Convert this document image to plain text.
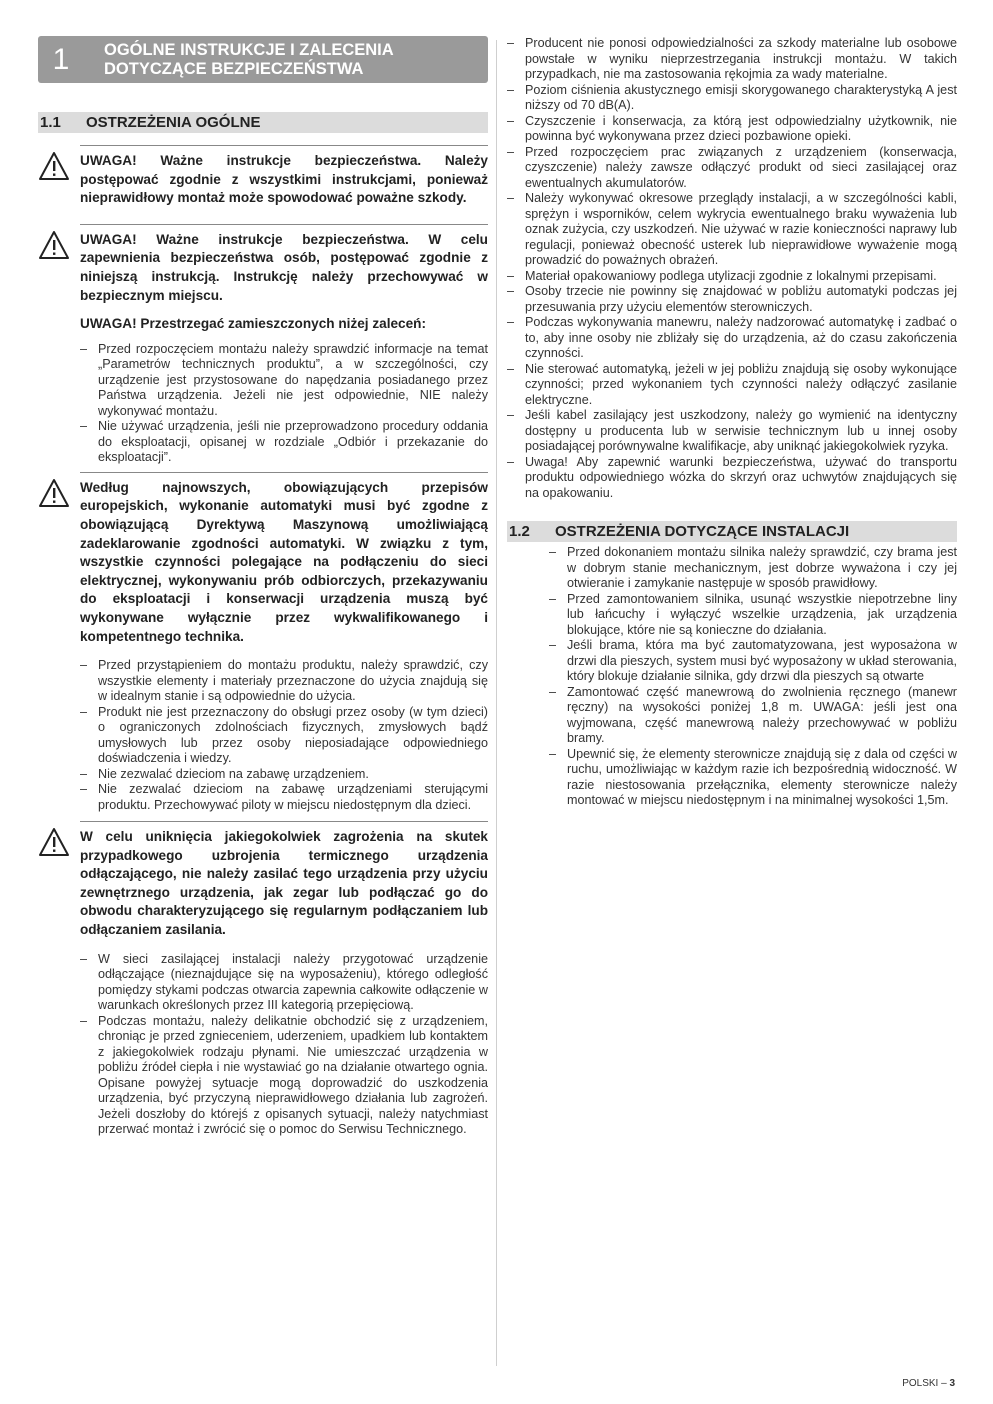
1	OGÓLNE INSTRUKCJE I ZALECENIA DOTYCZĄCE BEZPIECZEŃSTWA
1.1	OSTRZEŻENIA OGÓLNE

UWAGA! Ważne instrukcje bezpieczeństwa. Należy postępować zgodnie z wszystkimi instrukcjami, ponieważ nieprawidłowy montaż może spowodować poważne szkody.

UWAGA! Ważne instrukcje bezpieczeństwa. W celu zapewnienia bezpieczeństwa osób, postępować zgodnie z niniejszą instrukcją. Instrukcję należy przechowywać w bezpiecznym miejscu.

UWAGA! Przestrzegać zamieszczonych niżej zaleceń:

– Przed rozpoczęciem montażu należy sprawdzić informacje na temat „Parametrów technicznych produktu”, a w szczególności, czy urządzenie jest przystosowane do napędzania posiadanego przez Państwa urządzenia. Jeżeli nie jest odpowiednie, NIE należy wykonywać montażu.
– Nie używać urządzenia, jeśli nie przeprowadzono procedury oddania do eksploatacji, opisanej w rozdziale „Odbiór i przekazanie do eksploatacji”.

Według najnowszych, obowiązujących przepisów europejskich, wykonanie automatyki musi być zgodne z obowiązującą Dyrektywą Maszynową umożliwiającą zadeklarowanie zgodności automatyki. W związku z tym, wszystkie czynności polegające na podłączeniu do sieci elektrycznej, wykonywaniu prób odbiorczych, przekazywaniu do eksploatacji i konserwacji urządzenia muszą być wykonywane wyłącznie przez wykwalifikowanego i kompetentnego technika.

– Przed przystąpieniem do montażu produktu, należy sprawdzić, czy wszystkie elementy i materiały przeznaczone do użycia znajdują się w idealnym stanie i są odpowiednie do użycia.
– Produkt nie jest przeznaczony do obsługi przez osoby (w tym dzieci) o ograniczonych zdolnościach fizycznych, zmysłowych bądź umysłowych lub przez osoby nieposiadające odpowiedniego doświadczenia i wiedzy.
– Nie zezwalać dzieciom na zabawę urządzeniem.
– Nie zezwalać dzieciom na zabawę urządzeniami sterującymi produktu. Przechowywać piloty w miejscu niedostępnym dla dzieci.

W celu uniknięcia jakiegokolwiek zagrożenia na skutek przypadkowego uzbrojenia termicznego urządzenia odłączającego, nie należy zasilać tego urządzenia przy użyciu zewnętrznego urządzenia, jak zegar lub podłączać go do obwodu charakteryzującego się regularnym podłączaniem lub odłączaniem zasilania.

– W sieci zasilającej instalacji należy przygotować urządzenie odłączające (nieznajdujące się na wyposażeniu), którego odległość pomiędzy stykami podczas otwarcia zapewnia całkowite odłączenie w warunkach określonych przez III kategorią przepięciową.
– Podczas montażu, należy delikatnie obchodzić się z urządzeniem, chroniąc je przed zgnieceniem, uderzeniem, upadkiem lub kontaktem z jakiegokolwiek rodzaju płynami. Nie umieszczać urządzenia w pobliżu źródeł ciepła i nie wystawiać go na działanie otwartego ognia. Opisane powyżej sytuacje mogą doprowadzić do uszkodzenia urządzenia, być przyczyną nieprawidłowego działania lub zagrożeń. Jeżeli doszłoby do którejś z opisanych sytuacji, należy natychmiast przerwać montaż i zwrócić się o pomoc do Serwisu Technicznego.
– Producent nie ponosi odpowiedzialności za szkody materialne lub osobowe powstałe w wyniku nieprzestrzegania instrukcji montażu. W takich przypadkach, nie ma zastosowania rękojmia za wady materialne.
– Poziom ciśnienia akustycznego emisji skorygowanego charakterystyką A jest niższy od 70 dB(A).
– Czyszczenie i konserwacja, za którą jest odpowiedzialny użytkownik, nie powinna być wykonywana przez dzieci pozbawione opieki.
– Przed rozpoczęciem prac związanych z urządzeniem (konserwacja, czyszczenie) należy zawsze odłączyć produkt od sieci zasilającej oraz ewentualnych akumulatorów.
– Należy wykonywać okresowe przeglądy instalacji, a w szczególności kabli, sprężyn i wsporników, celem wykrycia ewentualnego braku wyważenia lub oznak zużycia, czy uszkodzeń. Nie używać w razie konieczności naprawy lub regulacji, ponieważ obecność usterek lub nieprawidłowe wyważenie mogą prowadzić do poważnych obrażeń.
– Materiał opakowaniowy podlega utylizacji zgodnie z lokalnymi przepisami.
– Osoby trzecie nie powinny się znajdować w pobliżu automatyki podczas jej przesuwania przy użyciu elementów sterowniczych.
– Podczas wykonywania manewru, należy nadzorować automatykę i zadbać o to, aby inne osoby nie zbliżały się do urządzenia, aż do czasu zakończenia czynności.
– Nie sterować automatyką, jeżeli w jej pobliżu znajdują się osoby wykonujące czynności; przed wykonaniem tych czynności należy odłączyć zasilanie elektryczne.
– Jeśli kabel zasilający jest uszkodzony, należy go wymienić na identyczny dostępny u producenta lub w serwisie technicznym lub u innej osoby posiadającej porównywalne kwalifikacje, aby uniknąć jakiegokolwiek ryzyka.
– Uwaga! Aby zapewnić warunki bezpieczeństwa, używać do transportu produktu odpowiedniego wózka do skrzyń oraz uchwytów znajdujących się na opakowaniu.
1.2	OSTRZEŻENIA DOTYCZĄCE INSTALACJI
– Przed dokonaniem montażu silnika należy sprawdzić, czy brama jest w dobrym stanie mechanicznym, jest dobrze wyważona i czy jej otwieranie i zamykanie następuje w sposób prawidłowy.
– Przed zamontowaniem silnika, usunąć wszystkie niepotrzebne liny lub łańcuchy i wyłączyć wszelkie urządzenia, jak urządzenia blokujące, które nie są konieczne do działania.
– Jeśli brama, która ma być zautomatyzowana, jest wyposażona w drzwi dla pieszych, system musi być wyposażony w układ sterowania, który blokuje działanie silnika, gdy drzwi dla pieszych są otwarte
– Zamontować część manewrową do zwolnienia ręcznego (manewr ręczny) na wysokości poniżej 1,8 m. UWAGA: jeśli jest ona wyjmowana, część manewrową należy przechowywać w pobliżu bramy.
– Upewnić się, że elementy sterownicze znajdują się z dala od części w ruchu, umożliwiając w każdym razie ich bezpośrednią widoczność. W razie niestosowania przełącznika, elementy sterownicze należy montować w miejscu niedostępnym i na minimalnej wysokości 1,5m.
POLSKI – 3
